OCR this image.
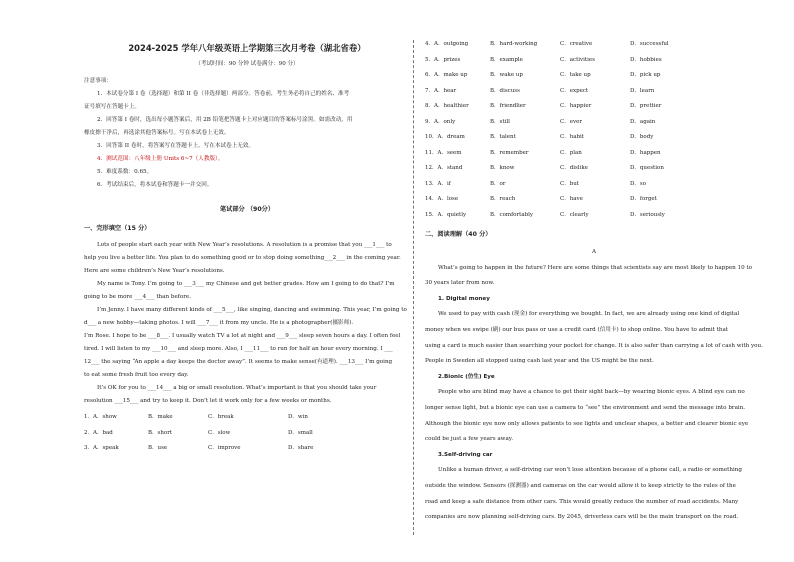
2024-2025 学年八年级英语上学期第三次月考卷（湖北省卷）
（考试时间：90 分钟 试卷满分：90 分）
注意事项：
1．本试卷分第 I 卷（选择题）和第 II 卷（非选择题）两部分。答卷前，考生务必将自己的姓名、准考
证号填写在答题卡上。
2．回答第 I 卷时，选出每小题答案后，用 2B 铅笔把答题卡上对应题目的答案标号涂黑。如需改动，用
橡皮擦干净后，再选涂其他答案标号。写在本试卷上无效。
3．回答第 II 卷时，将答案写在答题卡上。写在本试卷上无效。
4．测试范围：八年级上册 Units 6~7（人教版）。
5．难度系数：0.65。
6．考试结束后，将本试卷和答题卡一并交回。
笔试部分 （90分）
一、完形填空（15 分）
Lots of people start each year with New Year’s resolutions. A resolution is a promise that you ___1___ to
help you live a better life. You plan to do something good or to stop doing something___2___ in the coming year.
Here are some children’s New Year’s resolutions.
My name is Tony. I’m going to ___3___ my Chinese and get better grades. How am I going to do that? I’m
going to be more ___4___ than before.
I’m Jenny. I have many different kinds of ___5___, like singing, dancing and swimming. This year, I’m going to
d___ a new hobby—taking photos. I will ___7___ it from my uncle. He is a photographer(摄影师).
I’m Rose. I hope to be ___8___. I usually watch TV a lot at night and ___9___ sleep seven hours a day. I often feel
tired. I will listen to my ___10___ and sleep more. Also, I ___11___ to run for half an hour every morning. I ___
12___ the saying “An apple a day keeps the doctor away”. It seems to make sense(有道理). ___13___ I’m going
to eat some fresh fruit too every day.
It’s OK for you to ___14___ a big or small resolution. What’s important is that you should take your
resolution ___15___ and try to keep it. Don’t let it work only for a few weeks or months.
1．A．show	B．make	C．break	D．win
2．A．bad	B．short	C．slow	D．small
3．A．speak	B．use	C．improve	D．share
4．A．outgoing	B．hard-working	C．creative	D．successful
5．A．prizes	B．example	C．activities	D．hobbies
6．A．make up	B．wake up	C．take up	D．pick up
7．A．hear	B．discuss	C．expect	D．learn
8．A．healthier	B．friendlier	C．happier	D．prettier
9．A．only	B．still	C．ever	D．again
10．A．dream	B．talent	C．habit	D．body
11．A．seem	B．remember	C．plan	D．happen
12．A．stand	B．know	C．dislike	D．question
13．A．if	B．or	C．but	D．so
14．A．lose	B．reach	C．have	D．forget
15．A．quietly	B．comfortably	C．clearly	D．seriously
二、阅读理解（40 分）
A
What’s going to happen in the future? Here are some things that scientists say are most likely to happen 10 to
30 years later from now.
1. Digital money
We used to pay with cash (现金) for everything we bought. In fact, we are already using one kind of digital
money when we swipe (刷) our bus pass or use a credit card (信用卡) to shop online. You have to admit that
using a card is much easier than searching your pocket for change. It is also safer than carrying a lot of cash with you.
People in Sweden all stopped using cash last year and the US might be the next.
2.Bionic (仿生) Eye
People who are blind may have a chance to get their sight back—by wearing bionic eyes. A blind eye can no
longer sense light, but a bionic eye can use a camera to “see” the environment and send the message into brain.
Although the bionic eye now only allows patients to see lights and unclear shapes, a better and clearer bionic eye
could be just a few years away.
3.Self-driving car
Unlike a human driver, a self-driving car won’t lose attention because of a phone call, a radio or something
outside the window. Sensors (探测器) and cameras on the car would allow it to keep strictly to the rules of the
road and keep a safe distance from other cars. This would greatly reduce the number of road accidents. Many
companies are now planning self-driving cars. By 2045, driverless cars will be the main transport on the road.
